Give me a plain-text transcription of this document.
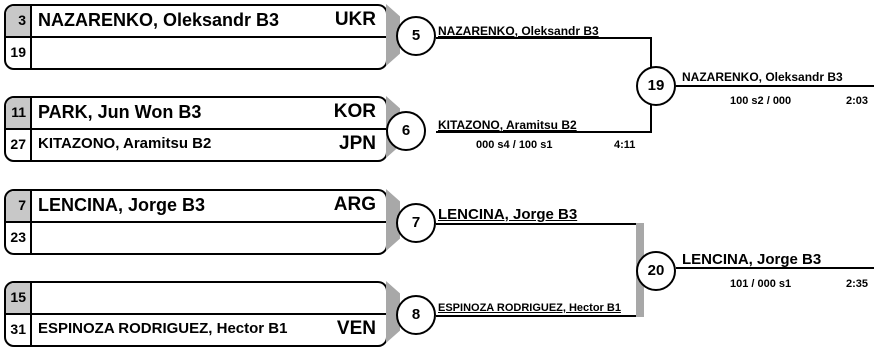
3 NAZARENKO, Oleksandr B3	UKR
19
11 PARK, Jun Won B3	KOR
27 KITAZONO, Aramitsu B2	JPN
7 LENCINA, Jorge B3	ARG
23
15
31 ESPINOZA RODRIGUEZ, Hector B1	VEN
5
6
7
8
NAZARENKO, Oleksandr B3
KITAZONO, Aramitsu B2
000 s4 / 100 s1	4:11
LENCINA, Jorge B3
ESPINOZA RODRIGUEZ, Hector B1
19
20
NAZARENKO, Oleksandr B3
100 s2 / 000	2:03
LENCINA, Jorge B3
101 / 000 s1	2:35
